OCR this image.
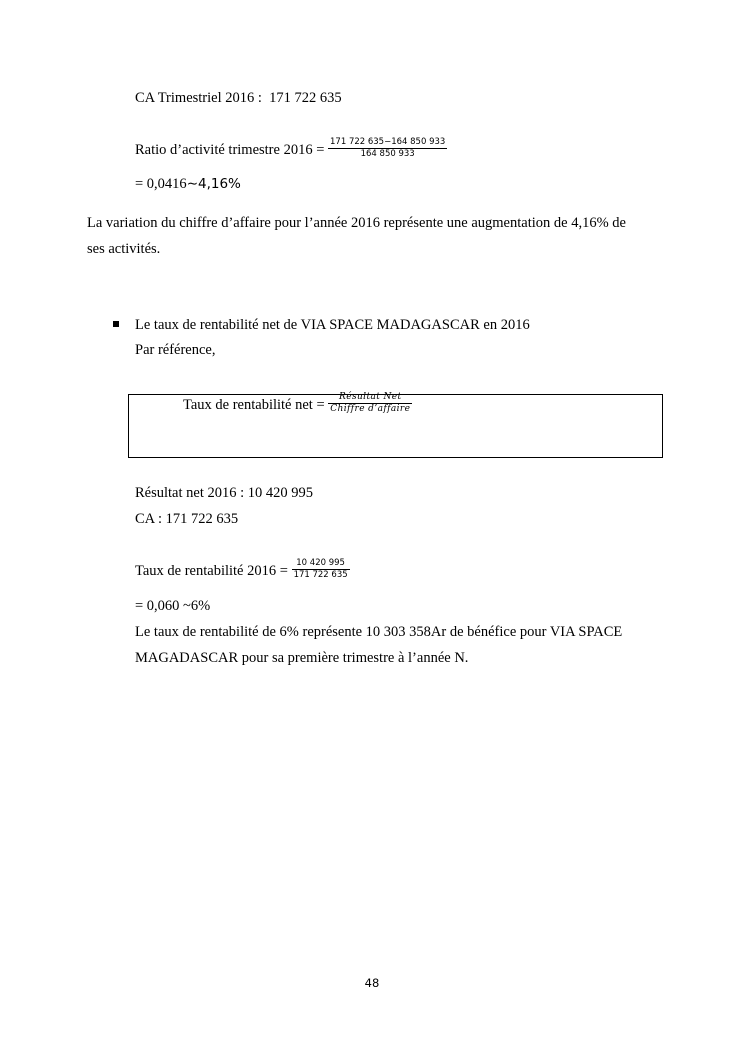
CA Trimestriel 2016 : 171 722 635
Ratio d’activité trimestre $2016 = \frac{171 722 635-164 850 933}{164 850 933}$
= 0,0416∼4,16%
La variation du chiffre d’affaire pour l’année 2016 représente une augmentation de 4,16% de
ses activités.
Le taux de rentabilité net de VIA SPACE MADAGASCAR en 2016
Par référence,
Taux de rentabilité net = $\frac{\text{Résultat Net}}{\text{Chiffre d’affaire}}$
Résultat net 2016 : 10 420 995
CA : 171 722 635
Taux de rentabilité $2016 = \frac{10 420 995}{171 722 635}$
= 0,060 ~6%
Le taux de rentabilité de 6% représente 10 303 358Ar de bénéfice pour VIA SPACE
MAGADASCAR pour sa première trimestre à l’année N.
48
